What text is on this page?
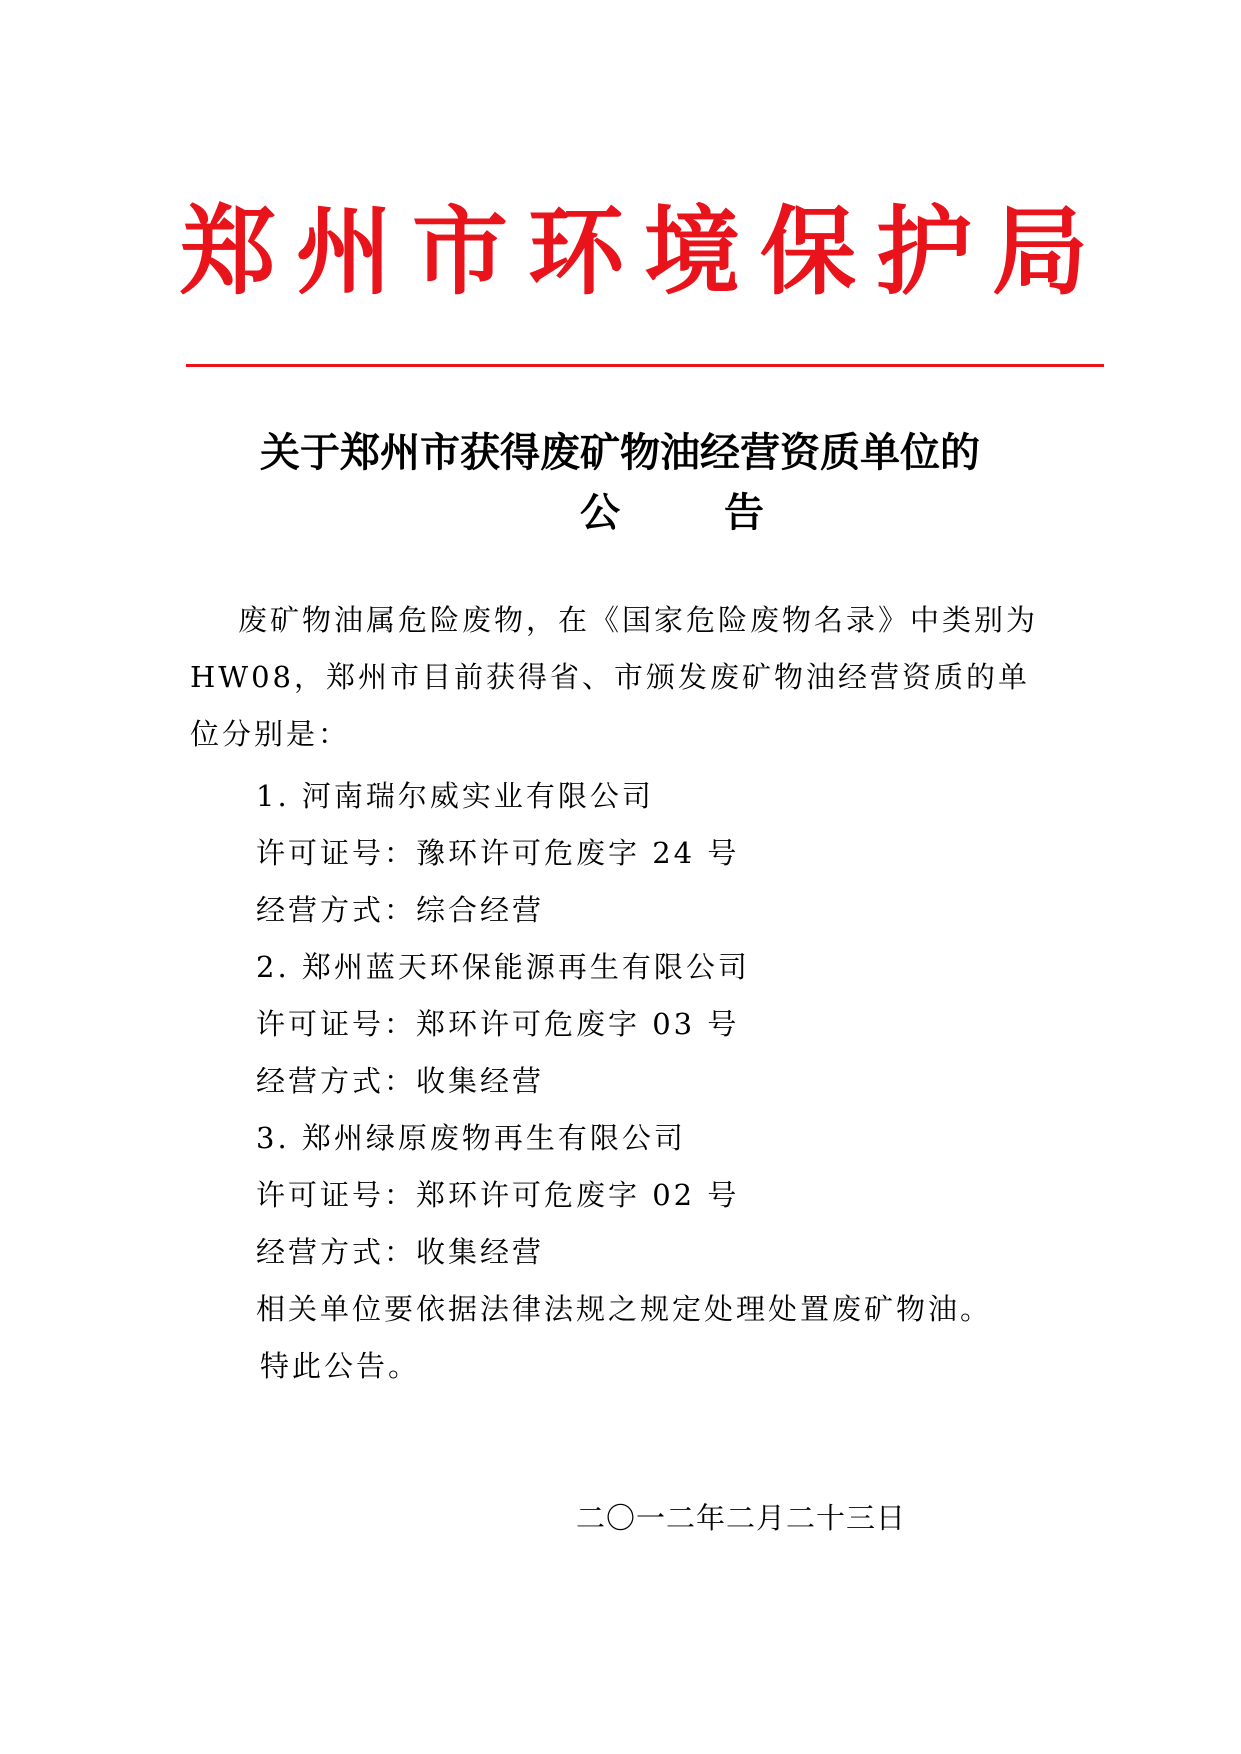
郑州市环境保护局
关于郑州市获得废矿物油经营资质单位的
公告
废矿物油属危险废物，在《国家危险废物名录》中类别为 HW08，郑州市目前获得省、市颁发废矿物油经营资质的单位分别是：
1. 河南瑞尔威实业有限公司
许可证号：豫环许可危废字 24 号
经营方式：综合经营
2. 郑州蓝天环保能源再生有限公司
许可证号：郑环许可危废字 03 号
经营方式：收集经营
3. 郑州绿原废物再生有限公司
许可证号：郑环许可危废字 02 号
经营方式：收集经营
相关单位要依据法律法规之规定处理处置废矿物油。
特此公告。
二〇一二年二月二十三日
